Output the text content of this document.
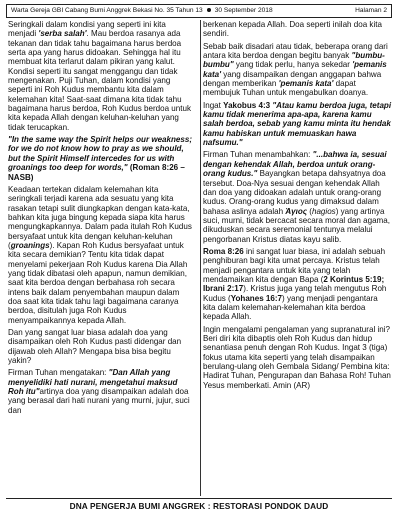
Warta Gereja GBI Cabang Bumi Anggrek Bekasi No. 35 Tahun 13 30 September 2018	Halaman 2

Seringkali dalam kondisi yang seperti ini kita menjadi 'serba salah'. Mau berdoa rasanya ada tekanan dan tidak tahu bagaimana harus berdoa serta apa yang harus didoakan. Sehingga hal itu membuat kita terlarut dalam pikiran yang kalut. Kondisi seperti itu sangat menggangu dan tidak mengenakan. Puji Tuhan, dalam kondisi yang seperti ini Roh Kudus membantu kita dalam kelemahan kita! Saat-saat dimana kita tidak tahu bagaimana harus berdoa, Roh Kudus berdoa untuk kita kepada Allah dengan keluhan-keluhan yang tidak terucapkan.

"In the same way the Spirit helps our weakness; for we do not know how to pray as we should, but the Spirit Himself intercedes for us with groanings too deep for words," (Roman 8:26 – NASB)

Keadaan tertekan didalam kelemahan kita seringkali terjadi karena ada sesuatu yang kita rasakan tetapi sulit diungkapkan dengan kata-kata, bahkan kita juga bingung kepada siapa kita harus mengungkapkannya. Dalam pada itulah Roh Kudus bersyafaat untuk kita dengan keluhan-keluhan (groanings). Kapan Roh Kudus bersyafaat untuk kita secara demikian? Tentu kita tidak dapat menyelami pekerjaan Roh Kudus karena Dia Allah yang tidak dibatasi oleh apapun, namun demikian, saat kita berdoa dengan berbahasa roh secara intens baik dalam penyembahan maupun dalam doa saat kita tidak tahu lagi bagaimana caranya berdoa, disitulah juga Roh Kudus menyampaikannya kepada Allah.

Dan yang sangat luar biasa adalah doa yang disampaikan oleh Roh Kudus pasti didengar dan dijawab oleh Allah? Mengapa bisa bisa begitu yakin?

Firman Tuhan mengatakan: "Dan Allah yang menyelidiki hati nurani, mengetahui maksud Roh itu"artinya doa yang disampaikan adalah doa yang berasal dari hati nurani yang murni, jujur, suci dan

berkenan kepada Allah. Doa seperti inilah doa kita sendiri.

Sebab baik disadari atau tidak, beberapa orang dari antara kita berdoa dengan begitu banyak "bumbu-bumbu" yang tidak perlu, hanya sekedar 'pemanis kata' yang disampaikan dengan anggapan bahwa dengan memberikan 'pemanis kata' dapat membujuk Tuhan untuk mengabulkan doanya.

Ingat Yakobus 4:3 "Atau kamu berdoa juga, tetapi kamu tidak menerima apa-apa, karena kamu salah berdoa, sebab yang kamu minta itu hendak kamu habiskan untuk memuaskan hawa nafsumu."

Firman Tuhan menambahkan: "...bahwa ia, sesuai dengan kehendak Allah, berdoa untuk orang-orang kudus." Bayangkan betapa dahsyatnya doa tersebut. Doa-Nya sesuai dengan kehendak Allah dan doa yang didoakan adalah untuk orang-orang kudus. Orang-orang kudus yang dimaksud dalam bahasa aslinya adalah Ὰγιος (hagios) yang artinya suci, murni, tidak bercacat secara moral dan agama, dikuduskan secara seremonial tentunya melalui pengorbanan Kristus diatas kayu salib.

Roma 8:26 ini sangat luar biasa, ini adalah sebuah penghiburan bagi kita umat percaya. Kristus telah menjadi pengantara untuk kita yang telah mendamaikan kita dengan Bapa (2 Korintus 5:19; Ibrani 2:17). Kristus juga yang telah mengutus Roh Kudus (Yohanes 16:7) yang menjadi pengantara kita dalam kelemahan-kelemahan kita berdoa kepada Allah.

Ingin mengalami pengalaman yang supranatural ini? Beri diri kita dibaptis oleh Roh Kudus dan hidup senantiasa penuh dengan Roh Kudus. Ingat 3 (tiga) fokus utama kita seperti yang telah disampaikan berulang-ulang oleh Gembala Sidang/ Pembina kita: Hadirat Tuhan, Pengurapan dan Bahasa Roh! Tuhan Yesus memberkati. Amin (AR)

DNA PENGERJA BUMI ANGGREK : RESTORASI PONDOK DAUD
